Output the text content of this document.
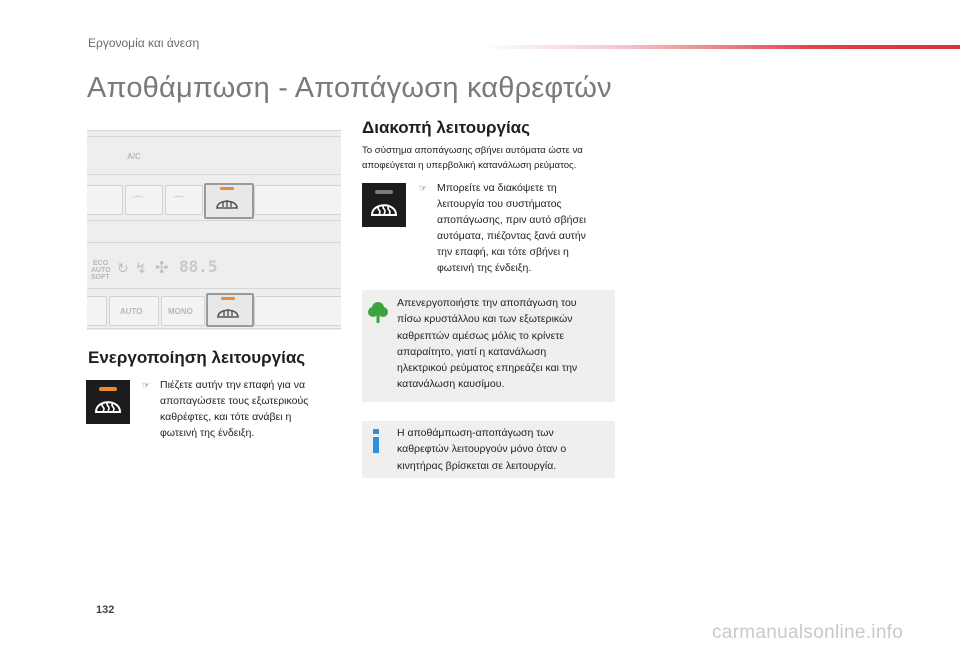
Εργονομία και άνεση
Αποθάμπωση - Αποπάγωση καθρεφτών
A/C
⌒ ⌒
ECO
AUTO
SOFT
↻ ↯ ✣ 88.5
AUTO	MONO
Ενεργοποίηση λειτουργίας
☞ Πιέζετε αυτήν την επαφή για να
αποπαγώσετε τους εξωτερικούς
καθρέφτες, και τότε ανάβει η
φωτεινή της ένδειξη.
Διακοπή λειτουργίας
Το σύστημα αποπάγωσης σβήνει αυτόματα ώστε να
αποφεύγεται η υπερβολική κατανάλωση ρεύματος.
☞ Μπορείτε να διακόψετε τη
λειτουργία του συστήματος
αποπάγωσης, πριν αυτό σβήσει
αυτόματα, πιέζοντας ξανά αυτήν
την επαφή, και τότε σβήνει η
φωτεινή της ένδειξη.
Απενεργοποιήστε την αποπάγωση του
πίσω κρυστάλλου και των εξωτερικών
καθρεπτών αμέσως μόλις το κρίνετε
απαραίτητο, γιατί η κατανάλωση
ηλεκτρικού ρεύματος επηρεάζει και την
κατανάλωση καυσίμου.
Η αποθάμπωση-αποπάγωση των
καθρεφτών λειτουργούν μόνο όταν ο
κινητήρας βρίσκεται σε λειτουργία.
132
carmanualsonline.info
